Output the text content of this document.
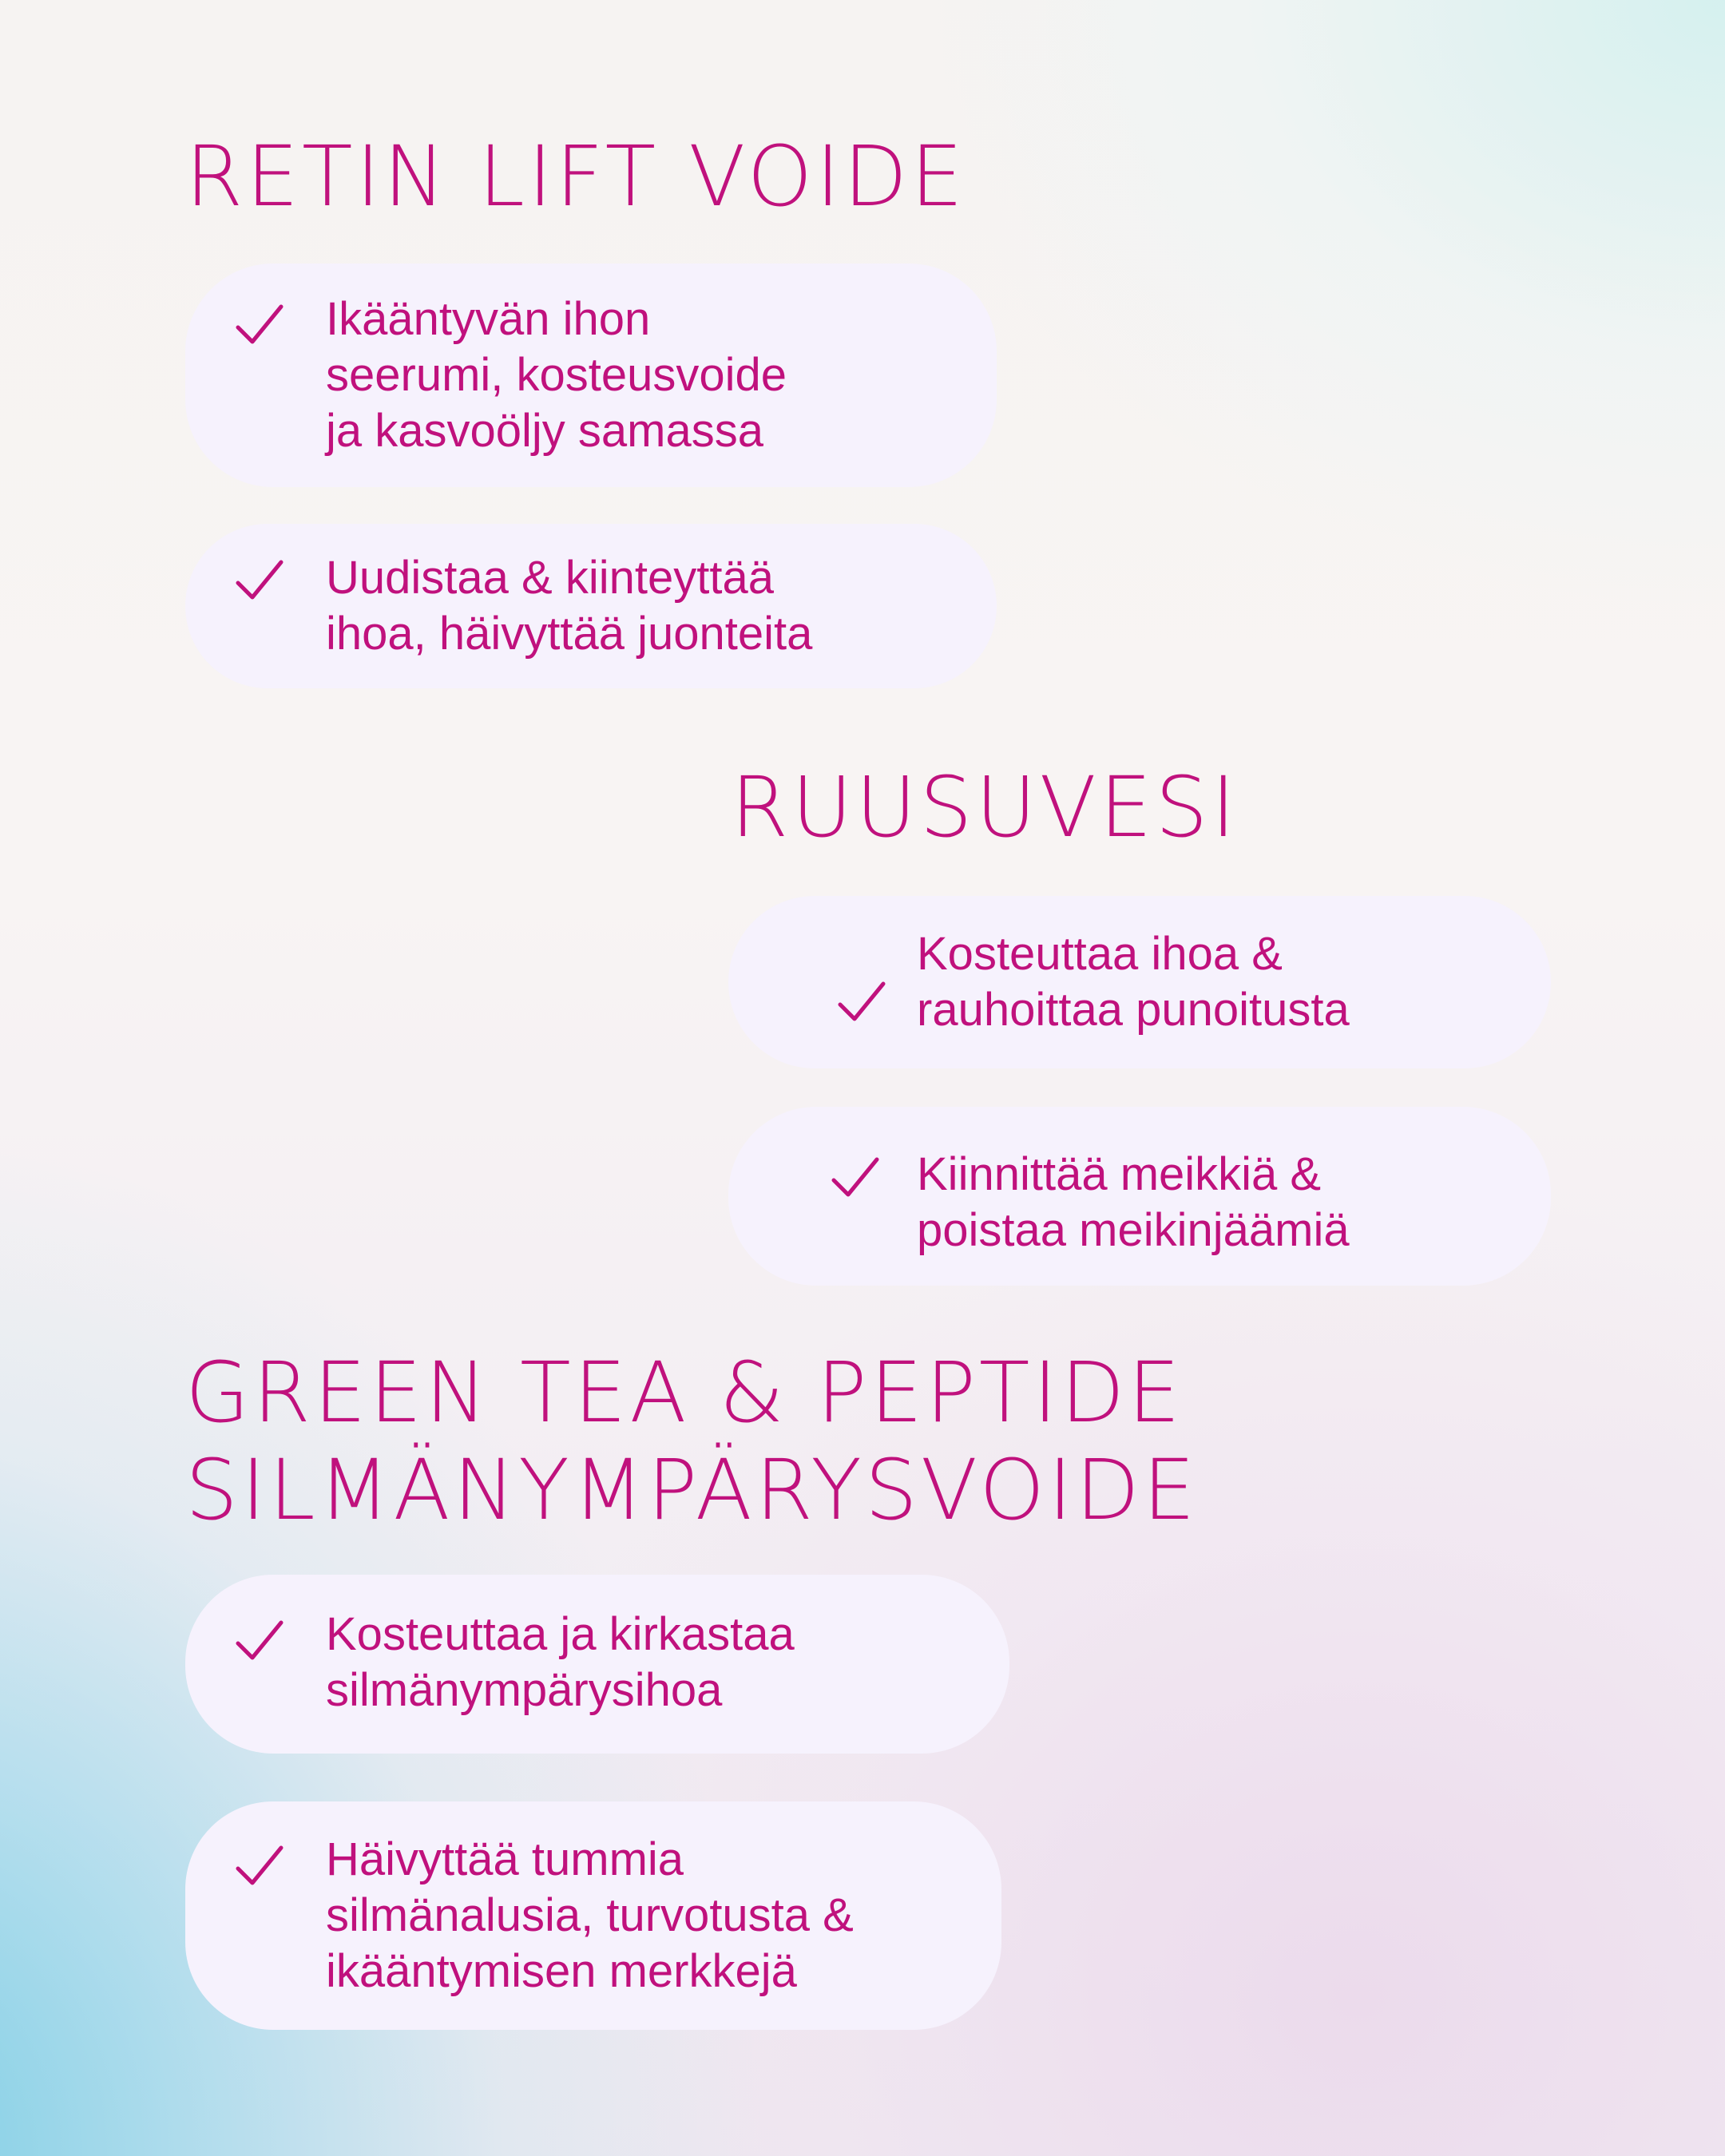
RETIN LIFT VOIDE
Ikääntyvän ihon
seerumi, kosteusvoide
ja kasvoöljy samassa
Uudistaa & kiinteyttää
ihoa, häivyttää juonteita
RUUSUVESI
Kosteuttaa ihoa &
rauhoittaa punoitusta
Kiinnittää meikkiä &
poistaa meikinjäämiä
GREEN TEA & PEPTIDE
SILMÄNYMPÄRYSVOIDE
Kosteuttaa ja kirkastaa
silmänympärysihoa
Häivyttää tummia
silmänalusia, turvotusta &
ikääntymisen merkkejä
